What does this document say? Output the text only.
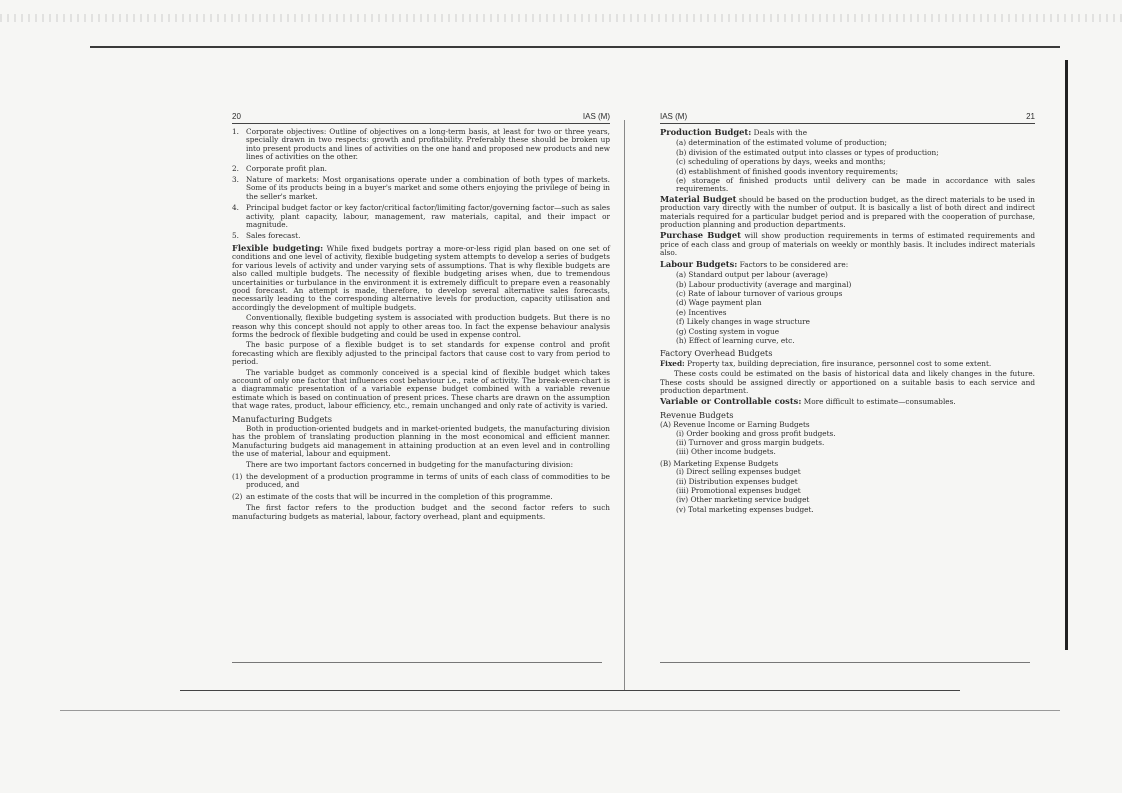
20	IAS (M)
1. Corporate objectives: Outline of objectives on a long-term basis, at least for two or three years, specially drawn in two respects: growth and profitability. Preferably these should be broken up into present products and lines of activities on the one hand and proposed new products and new lines of activities on the other.
2. Corporate profit plan.
3. Nature of markets: Most organisations operate under a combination of both types of markets. Some of its products being in a buyer's market and some others enjoying the privilege of being in the seller's market.
4. Principal budget factor or key factor/critical factor/limiting factor/governing factor—such as sales activity, plant capacity, labour, management, raw materials, capital, and their impact or magnitude.
5. Sales forecast.

Flexible budgeting: While fixed budgets portray a more-or-less rigid plan based on one set of conditions and one level of activity, flexible budgeting system attempts to develop a series of budgets for various levels of activity and under varying sets of assumptions. That is why flexible budgets are also called multiple budgets. The necessity of flexible budgeting arises when, due to tremendous uncertainities or turbulance in the environment it is extremely difficult to prepare even a reasonably good forecast. An attempt is made, therefore, to develop several alternative sales forecasts, necessarily leading to the corresponding alternative levels for production, capacity utilisation and accordingly the development of multiple budgets.

Conventionally, flexible budgeting system is associated with production budgets. But there is no reason why this concept should not apply to other areas too. In fact the expense behaviour analysis forms the bedrock of flexible budgeting and could be used in expense control.

The basic purpose of a flexible budget is to set standards for expense control and profit forecasting which are flexibly adjusted to the principal factors that cause cost to vary from period to period.

The variable budget as commonly conceived is a special kind of flexible budget which takes account of only one factor that influences cost behaviour i.e., rate of activity. The break-even-chart is a diagrammatic presentation of a variable expense budget combined with a variable revenue estimate which is based on continuation of present prices. These charts are drawn on the assumption that wage rates, product, labour efficiency, etc., remain unchanged and only rate of activity is varied.

Manufacturing Budgets

Both in production-oriented budgets and in market-oriented budgets, the manufacturing division has the problem of translating production planning in the most economical and efficient manner. Manufacturing budgets aid management in attaining production at an even level and in controlling the use of material, labour and equipment.

There are two important factors concerned in budgeting for the manufacturing division:

(1) the development of a production programme in terms of units of each class of commodities to be produced, and
(2) an estimate of the costs that will be incurred in the completion of this programme.

The first factor refers to the production budget and the second factor refers to such manufacturing budgets as material, labour, factory overhead, plant and equipments.

IAS (M)	21

Production Budget: Deals with the

(a) determination of the estimated volume of production;
(b) division of the estimated output into classes or types of production;
(c) scheduling of operations by days, weeks and months;
(d) establishment of finished goods inventory requirements;
(e) storage of finished products until delivery can be made in accordance with sales requirements.

Material Budget should be based on the production budget, as the direct materials to be used in production vary directly with the number of output. It is basically a list of both direct and indirect materials required for a particular budget period and is prepared with the cooperation of purchase, production planning and production departments.

Purchase Budget will show production requirements in terms of estimated requirements and price of each class and group of materials on weekly or monthly basis. It includes indirect materials also.

Labour Budgets: Factors to be considered are:

(a) Standard output per labour (average)
(b) Labour productivity (average and marginal)
(c) Rate of labour turnover of various groups
(d) Wage payment plan
(e) Incentives
(f) Likely changes in wage structure
(g) Costing system in vogue
(h) Effect of learning curve, etc.
Factory Overhead Budgets

Fixed: Property tax, building depreciation, fire insurance, personnel cost to some extent.

These costs could be estimated on the basis of historical data and likely changes in the future. These costs should be assigned directly or apportioned on a suitable basis to each service and production department.

Variable or Controllable costs: More difficult to estimate—consumables.

Revenue Budgets
(A) Revenue Income or Earning Budgets
(i) Order booking and gross profit budgets.
(ii) Turnover and gross margin budgets.
(iii) Other income budgets.
(B) Marketing Expense Budgets
(i) Direct selling expenses budget
(ii) Distribution expenses budget
(iii) Promotional expenses budget
(iv) Other marketing service budget
(v) Total marketing expenses budget.
